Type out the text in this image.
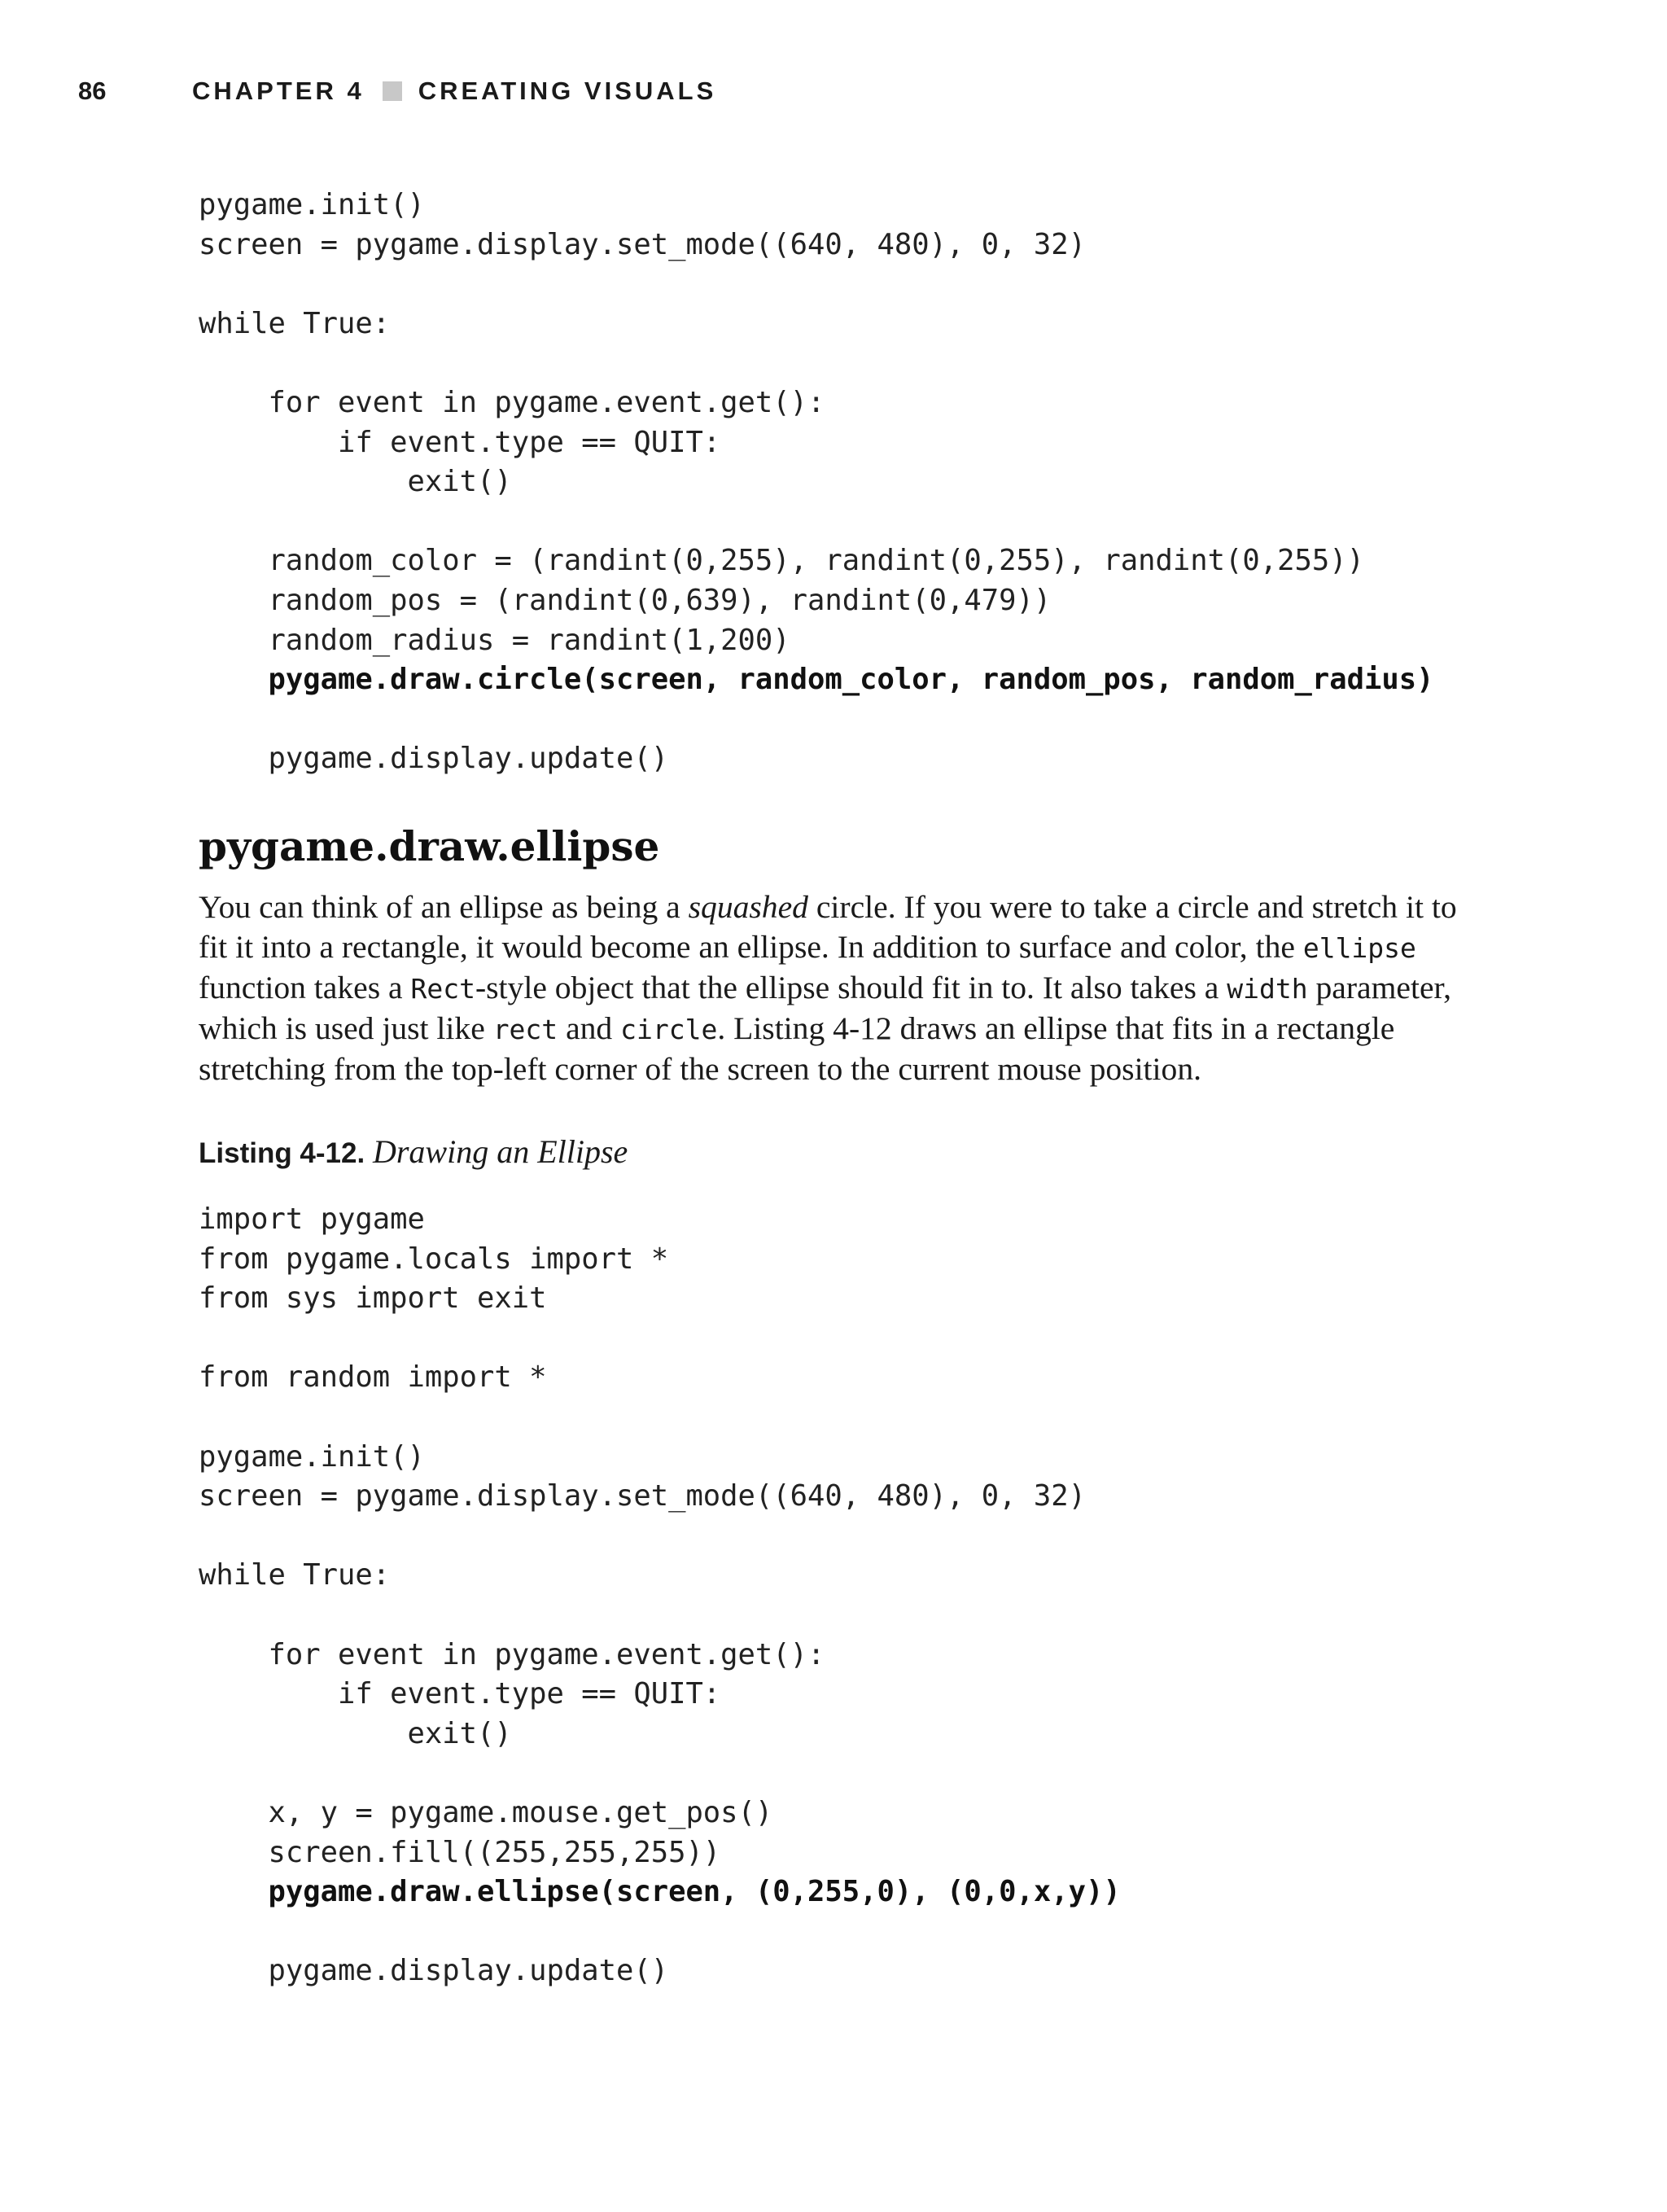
86	CHAPTER 4 CREATING VISUALS
pygame.init()
screen = pygame.display.set_mode((640, 480), 0, 32)
while True:
for event in pygame.event.get():
if event.type == QUIT:
exit()
random_color = (randint(0,255), randint(0,255), randint(0,255))
random_pos = (randint(0,639), randint(0,479))
random_radius = randint(1,200)
pygame.draw.circle(screen, random_color, random_pos, random_radius)
pygame.display.update()
pygame.draw.ellipse

You can think of an ellipse as being a squashed circle. If you were to take a circle and stretch it to fit it into a rectangle, it would become an ellipse. In addition to surface and color, the ellipse function takes a Rect-style object that the ellipse should fit in to. It also takes a width parameter, which is used just like rect and circle. Listing 4-12 draws an ellipse that fits in a rectangle stretching from the top-left corner of the screen to the current mouse position.

Listing 4-12. Drawing an Ellipse

import pygame
from pygame.locals import *
from sys import exit
from random import *
pygame.init()
screen = pygame.display.set_mode((640, 480), 0, 32)
while True:
for event in pygame.event.get():
if event.type == QUIT:
exit()
x, y = pygame.mouse.get_pos()
screen.fill((255,255,255))
pygame.draw.ellipse(screen, (0,255,0), (0,0,x,y))
pygame.display.update()
